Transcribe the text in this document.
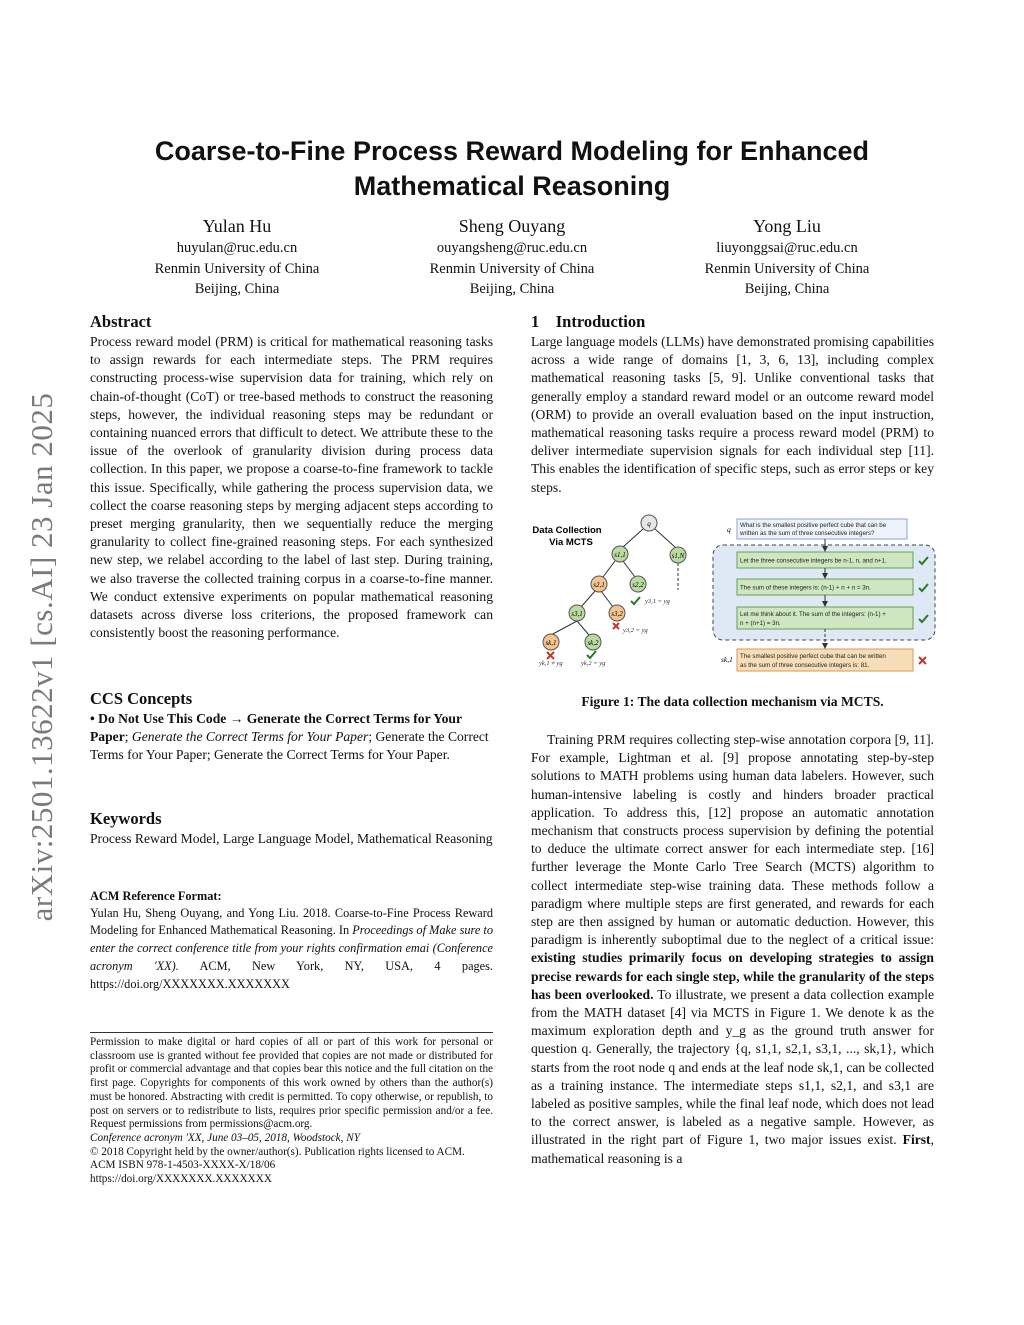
arXiv:2501.13622v1 [cs.AI] 23 Jan 2025
Coarse-to-Fine Process Reward Modeling for Enhanced Mathematical Reasoning
Yulan Hu
huyulan@ruc.edu.cn
Renmin University of China
Beijing, China
Sheng Ouyang
ouyangsheng@ruc.edu.cn
Renmin University of China
Beijing, China
Yong Liu
liuyonggsai@ruc.edu.cn
Renmin University of China
Beijing, China
Abstract

Process reward model (PRM) is critical for mathematical reasoning tasks to assign rewards for each intermediate steps. The PRM requires constructing process-wise supervision data for training, which rely on chain-of-thought (CoT) or tree-based methods to construct the reasoning steps, however, the individual reasoning steps may be redundant or containing nuanced errors that difficult to detect. We attribute these to the issue of the overlook of granularity division during process data collection. In this paper, we propose a coarse-to-fine framework to tackle this issue. Specifically, while gathering the process supervision data, we collect the coarse reasoning steps by merging adjacent steps according to preset merging granularity, then we sequentially reduce the merging granularity to collect fine-grained reasoning steps. For each synthesized new step, we relabel according to the label of last step. During training, we also traverse the collected training corpus in a coarse-to-fine manner. We conduct extensive experiments on popular mathematical reasoning datasets across diverse loss criterions, the proposed framework can consistently boost the reasoning performance.

CCS Concepts

• Do Not Use This Code → Generate the Correct Terms for Your Paper; Generate the Correct Terms for Your Paper; Generate the Correct Terms for Your Paper; Generate the Correct Terms for Your Paper.

Keywords

Process Reward Model, Large Language Model, Mathematical Reasoning

ACM Reference Format:

Yulan Hu, Sheng Ouyang, and Yong Liu. 2018. Coarse-to-Fine Process Reward Modeling for Enhanced Mathematical Reasoning. In Proceedings of Make sure to enter the correct conference title from your rights confirmation emai (Conference acronym 'XX). ACM, New York, NY, USA, 4 pages. https://doi.org/XXXXXXX.XXXXXXX

Permission to make digital or hard copies of all or part of this work for personal or classroom use is granted without fee provided that copies are not made or distributed for profit or commercial advantage and that copies bear this notice and the full citation on the first page. Copyrights for components of this work owned by others than the author(s) must be honored. Abstracting with credit is permitted. To copy otherwise, or republish, to post on servers or to redistribute to lists, requires prior specific permission and/or a fee. Request permissions from permissions@acm.org.

Conference acronym 'XX, June 03–05, 2018, Woodstock, NY

© 2018 Copyright held by the owner/author(s). Publication rights licensed to ACM.

ACM ISBN 978-1-4503-XXXX-X/18/06

https://doi.org/XXXXXXX.XXXXXXX

1    Introduction

Large language models (LLMs) have demonstrated promising capabilities across a wide range of domains [1, 3, 6, 13], including complex mathematical reasoning tasks [5, 9]. Unlike conventional tasks that generally employ a standard reward model or an outcome reward model (ORM) to provide an overall evaluation based on the input instruction, mathematical reasoning tasks require a process reward model (PRM) to deliver intermediate supervision signals for each individual step [11]. This enables the identification of specific steps, such as error steps or key steps.

Data Collection
Via MCTS
q
s1,1	s1,N
s2,1	s2,2
s3,1	s3,2
sk,1	sk,2
y3,1 = yg
y3,2 = yg
yk,1 ≠ yg	yk,2 = yg
q
sk,1
What is the smallest positive perfect cube that can be
written as the sum of three consecutive integers?
Let the three consecutive integers be n-1, n, and n+1.
The sum of these integers is: (n-1) + n + n = 3n.
Let me think about it. The sum of the integers: (n-1) +
n + (n+1) = 3n.
The smallest positive perfect cube that can be written
as the sum of three consecutive integers is: 81.
Figure 1: The data collection mechanism via MCTS.

Training PRM requires collecting step-wise annotation corpora [9, 11]. For example, Lightman et al. [9] propose annotating step-by-step solutions to MATH problems using human data labelers. However, such human-intensive labeling is costly and hinders broader practical application. To address this, [12] propose an automatic annotation mechanism that constructs process supervision by defining the potential to deduce the ultimate correct answer for each intermediate step. [16] further leverage the Monte Carlo Tree Search (MCTS) algorithm to collect intermediate step-wise training data. These methods follow a paradigm where multiple steps are first generated, and rewards for each step are then assigned by human or automatic deduction. However, this paradigm is inherently suboptimal due to the neglect of a critical issue: existing studies primarily focus on developing strategies to assign precise rewards for each single step, while the granularity of the steps has been overlooked. To illustrate, we present a data collection example from the MATH dataset [4] via MCTS in Figure 1. We denote k as the maximum exploration depth and y_g as the ground truth answer for question q. Generally, the trajectory {q, s1,1, s2,1, s3,1, ..., sk,1}, which starts from the root node q and ends at the leaf node sk,1, can be collected as a training instance. The intermediate steps s1,1, s2,1, and s3,1 are labeled as positive samples, while the final leaf node, which does not lead to the correct answer, is labeled as a negative sample. However, as illustrated in the right part of Figure 1, two major issues exist. First, mathematical reasoning is a
